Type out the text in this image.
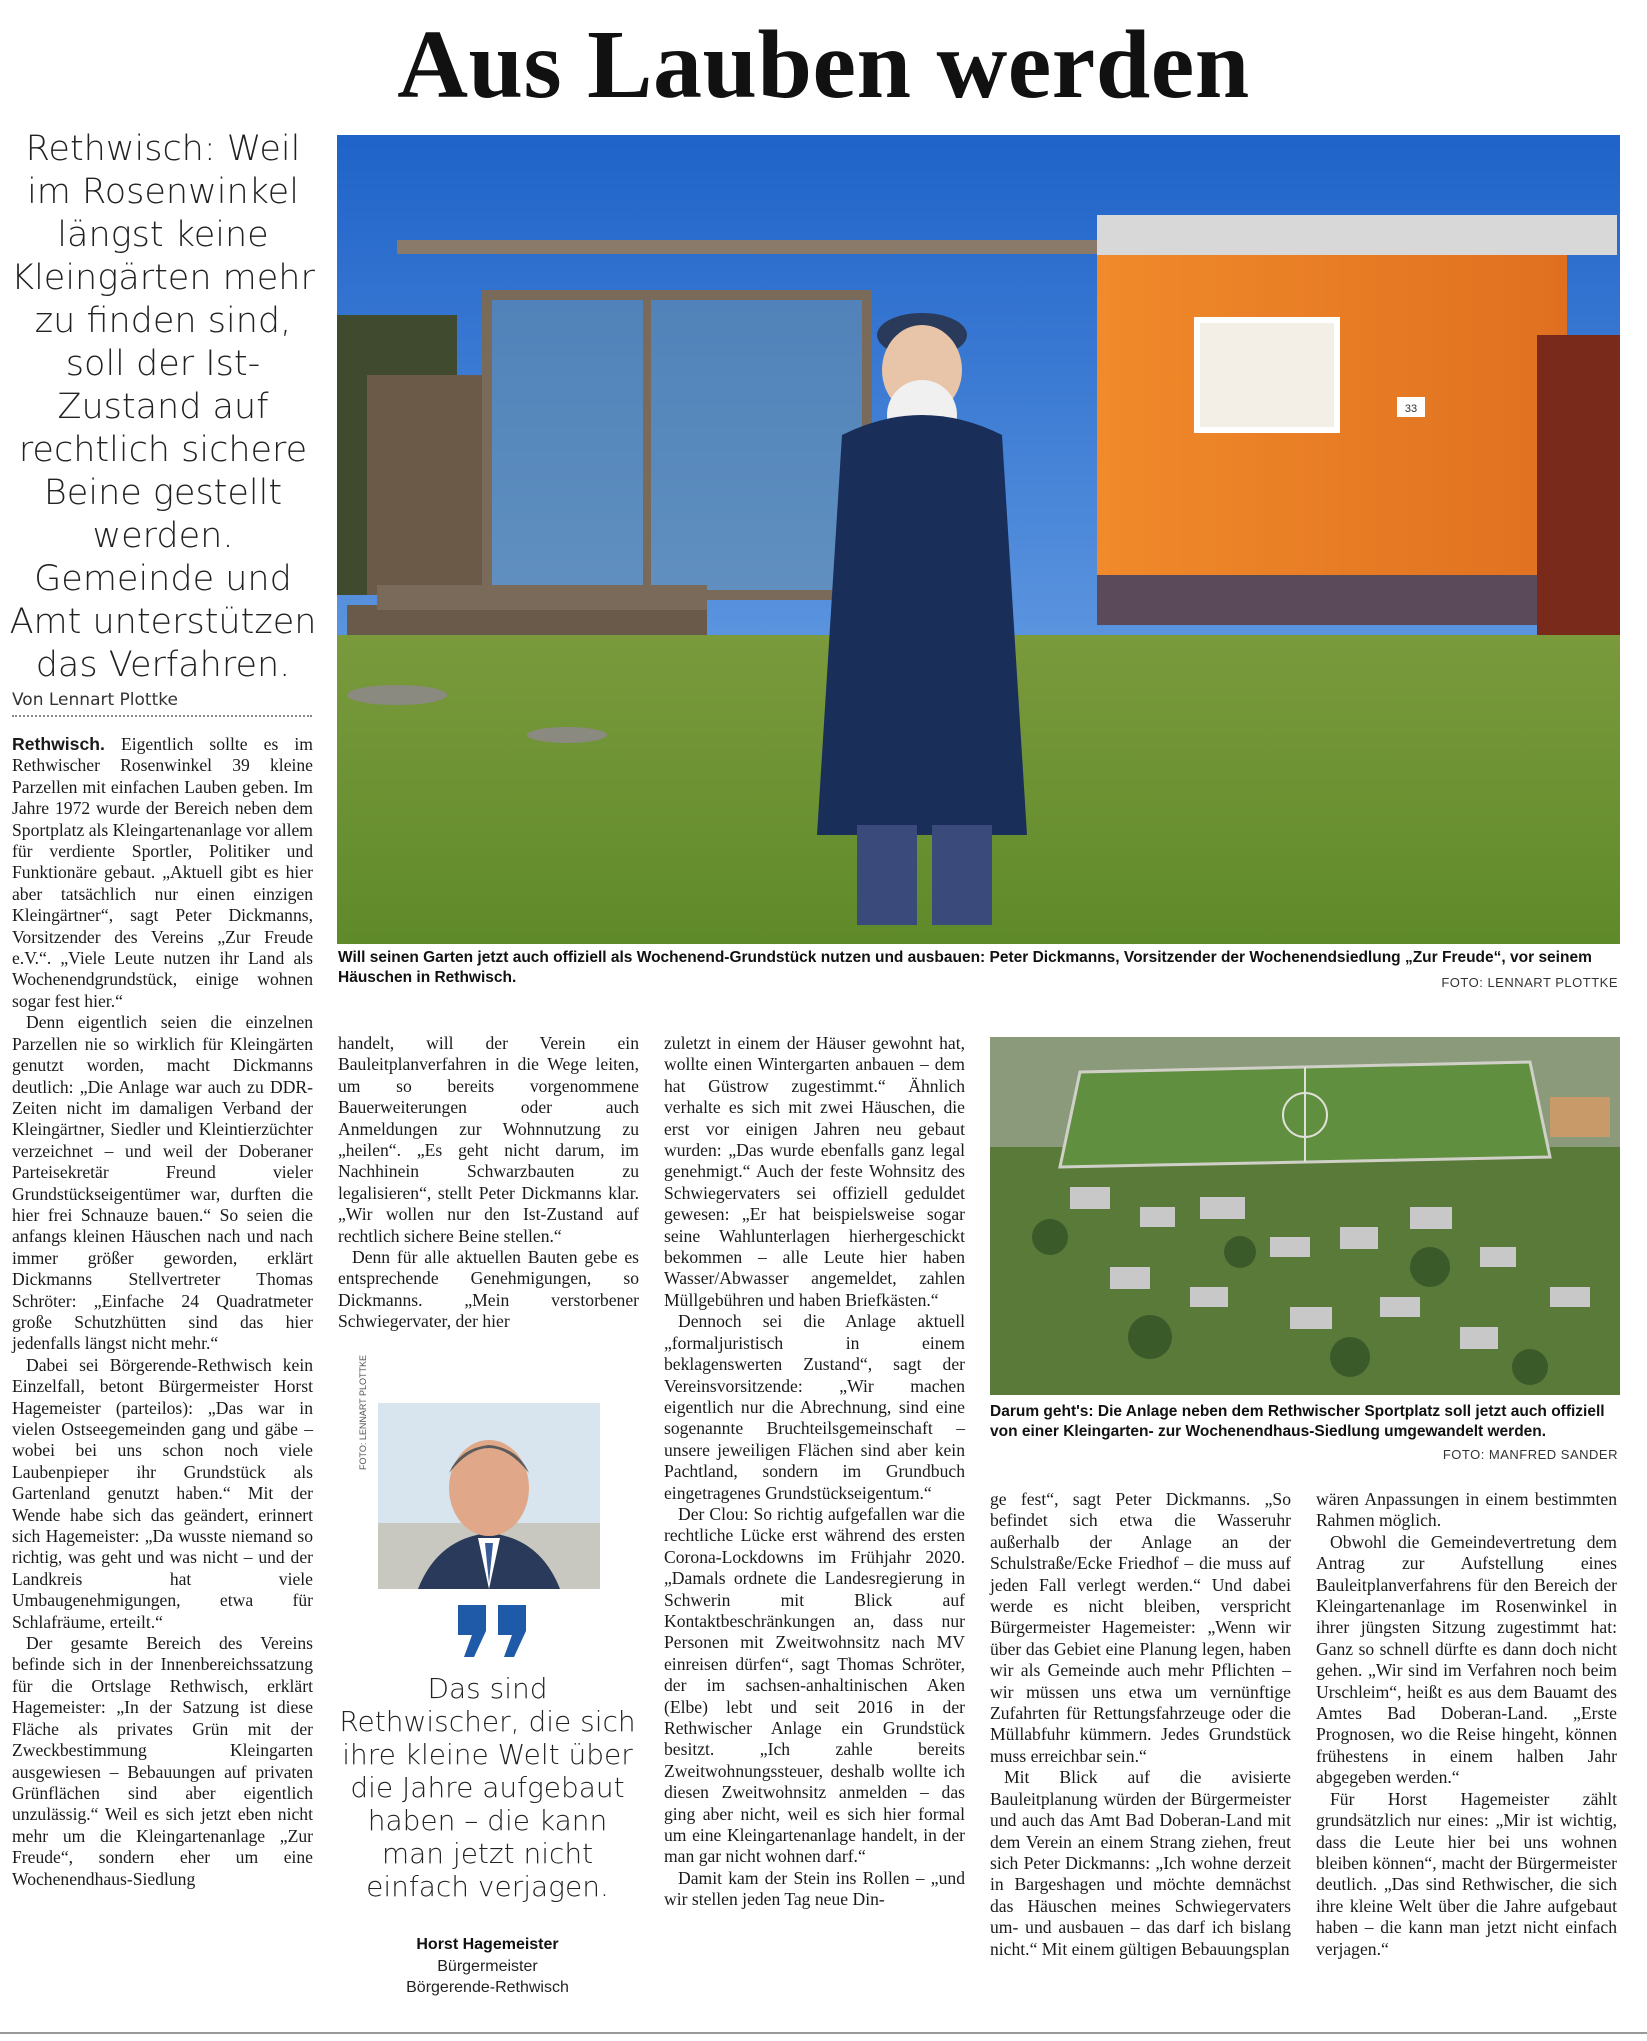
Aus Lauben werden
Rethwisch: Weil im Rosenwinkel längst keine Kleingärten mehr zu finden sind, soll der Ist-Zustand auf rechtlich sichere Beine gestellt werden. Gemeinde und Amt unterstützen das Verfahren.
Von Lennart Plottke
33
Will seinen Garten jetzt auch offiziell als Wochenend-Grundstück nutzen und ausbauen: Peter Dickmanns, Vorsitzender der Wochenendsiedlung „Zur Freude“, vor seinem Häuschen in Rethwisch.	FOTO: LENNART PLOTTKE
Darum geht's: Die Anlage neben dem Rethwischer Sportplatz soll jetzt auch offiziell von einer Kleingarten- zur Wochenendhaus-Siedlung umgewandelt werden.
FOTO: MANFRED SANDER
FOTO: LENNART PLOTTKE
Das sind Rethwischer, die sich ihre kleine Welt über die Jahre aufgebaut haben – die kann man jetzt nicht einfach verjagen.
Horst Hagemeister
Bürgermeister
Börgerende-Rethwisch

Rethwisch. Eigentlich sollte es im Rethwischer Rosenwinkel 39 kleine Parzellen mit einfachen Lauben geben. Im Jahre 1972 wurde der Bereich neben dem Sportplatz als Kleingartenanlage vor allem für verdiente Sportler, Politiker und Funktionäre gebaut. „Aktuell gibt es hier aber tatsächlich nur einen einzigen Kleingärtner“, sagt Peter Dickmanns, Vorsitzender des Vereins „Zur Freude e.V.“. „Viele Leute nutzen ihr Land als Wochenendgrundstück, einige wohnen sogar fest hier.“

Denn eigentlich seien die einzelnen Parzellen nie so wirklich für Kleingärten genutzt worden, macht Dickmanns deutlich: „Die Anlage war auch zu DDR-Zeiten nicht im damaligen Verband der Kleingärtner, Siedler und Kleintierzüchter verzeichnet – und weil der Doberaner Parteisekretär Freund vieler Grundstückseigentümer war, durften die hier frei Schnauze bauen.“ So seien die anfangs kleinen Häuschen nach und nach immer größer geworden, erklärt Dickmanns Stellvertreter Thomas Schröter: „Einfache 24 Quadratmeter große Schutzhütten sind das hier jedenfalls längst nicht mehr.“

Dabei sei Börgerende-Rethwisch kein Einzelfall, betont Bürgermeister Horst Hagemeister (parteilos): „Das war in vielen Ostseegemeinden gang und gäbe – wobei bei uns schon noch viele Laubenpieper ihr Grundstück als Gartenland genutzt haben.“ Mit der Wende habe sich das geändert, erinnert sich Hagemeister: „Da wusste niemand so richtig, was geht und was nicht – und der Landkreis hat viele Umbaugenehmigungen, etwa für Schlafräume, erteilt.“

Der gesamte Bereich des Vereins befinde sich in der Innenbereichssatzung für die Ortslage Rethwisch, erklärt Hagemeister: „In der Satzung ist diese Fläche als privates Grün mit der Zweckbestimmung Kleingarten ausgewiesen – Bebauungen auf privaten Grünflächen sind aber eigentlich unzulässig.“ Weil es sich jetzt eben nicht mehr um die Kleingartenanlage „Zur Freude“, sondern eher um eine Wochenendhaus-Siedlung

handelt, will der Verein ein Bauleitplanverfahren in die Wege leiten, um so bereits vorgenommene Bauerweiterungen oder auch Anmeldungen zur Wohnnutzung zu „heilen“. „Es geht nicht darum, im Nachhinein Schwarzbauten zu legalisieren“, stellt Peter Dickmanns klar. „Wir wollen nur den Ist-Zustand auf rechtlich sichere Beine stellen.“

Denn für alle aktuellen Bauten gebe es entsprechende Genehmigungen, so Dickmanns. „Mein verstorbener Schwiegervater, der hier

zuletzt in einem der Häuser gewohnt hat, wollte einen Wintergarten anbauen – dem hat Güstrow zugestimmt.“ Ähnlich verhalte es sich mit zwei Häuschen, die erst vor einigen Jahren neu gebaut wurden: „Das wurde ebenfalls ganz legal genehmigt.“ Auch der feste Wohnsitz des Schwiegervaters sei offiziell geduldet gewesen: „Er hat beispielsweise sogar seine Wahlunterlagen hierhergeschickt bekommen – alle Leute hier haben Wasser/Abwasser angemeldet, zahlen Müllgebühren und haben Briefkästen.“

Dennoch sei die Anlage aktuell „formaljuristisch in einem beklagenswerten Zustand“, sagt der Vereinsvorsitzende: „Wir machen eigentlich nur die Abrechnung, sind eine sogenannte Bruchteilsgemeinschaft – unsere jeweiligen Flächen sind aber kein Pachtland, sondern im Grundbuch eingetragenes Grundstückseigentum.“

Der Clou: So richtig aufgefallen war die rechtliche Lücke erst während des ersten Corona-Lockdowns im Frühjahr 2020. „Damals ordnete die Landesregierung in Schwerin mit Blick auf Kontaktbeschränkungen an, dass nur Personen mit Zweitwohnsitz nach MV einreisen dürfen“, sagt Thomas Schröter, der im sachsen-anhaltinischen Aken (Elbe) lebt und seit 2016 in der Rethwischer Anlage ein Grundstück besitzt. „Ich zahle bereits Zweitwohnungssteuer, deshalb wollte ich diesen Zweitwohnsitz anmelden – das ging aber nicht, weil es sich hier formal um eine Kleingartenanlage handelt, in der man gar nicht wohnen darf.“

Damit kam der Stein ins Rollen – „und wir stellen jeden Tag neue Din-

ge fest“, sagt Peter Dickmanns. „So befindet sich etwa die Wasseruhr außerhalb der Anlage an der Schulstraße/Ecke Friedhof – die muss auf jeden Fall verlegt werden.“ Und dabei werde es nicht bleiben, verspricht Bürgermeister Hagemeister: „Wenn wir über das Gebiet eine Planung legen, haben wir als Gemeinde auch mehr Pflichten – wir müssen uns etwa um vernünftige Zufahrten für Rettungsfahrzeuge oder die Müllabfuhr kümmern. Jedes Grundstück muss erreichbar sein.“

Mit Blick auf die avisierte Bauleitplanung würden der Bürgermeister und auch das Amt Bad Doberan-Land mit dem Verein an einem Strang ziehen, freut sich Peter Dickmanns: „Ich wohne derzeit in Bargeshagen und möchte demnächst das Häuschen meines Schwiegervaters um- und ausbauen – das darf ich bislang nicht.“ Mit einem gültigen Bebauungsplan

wären Anpassungen in einem bestimmten Rahmen möglich.

Obwohl die Gemeindevertretung dem Antrag zur Aufstellung eines Bauleitplanverfahrens für den Bereich der Kleingartenanlage im Rosenwinkel in ihrer jüngsten Sitzung zugestimmt hat: Ganz so schnell dürfte es dann doch nicht gehen. „Wir sind im Verfahren noch beim Urschleim“, heißt es aus dem Bauamt des Amtes Bad Doberan-Land. „Erste Prognosen, wo die Reise hingeht, können frühestens in einem halben Jahr abgegeben werden.“

Für Horst Hagemeister zählt grundsätzlich nur eines: „Mir ist wichtig, dass die Leute hier bei uns wohnen bleiben können“, macht der Bürgermeister deutlich. „Das sind Rethwischer, die sich ihre kleine Welt über die Jahre aufgebaut haben – die kann man jetzt nicht einfach verjagen.“
